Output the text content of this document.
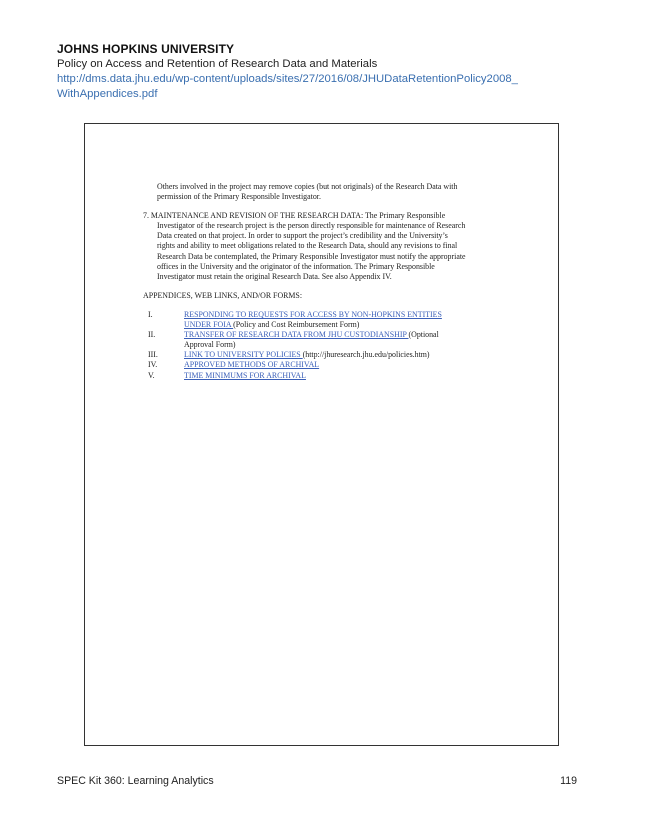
JOHNS HOPKINS UNIVERSITY
Policy on Access and Retention of Research Data and Materials
http://dms.data.jhu.edu/wp-content/uploads/sites/27/2016/08/JHUDataRetentionPolicy2008_
WithAppendices.pdf

Others involved in the project may remove copies (but not originals) of the Research Data with

permission of the Primary Responsible Investigator.

7. MAINTENANCE AND REVISION OF THE RESEARCH DATA: The Primary Responsible

Investigator of the research project is the person directly responsible for maintenance of Research

Data created on that project. In order to support the project’s credibility and the University’s

rights and ability to meet obligations related to the Research Data, should any revisions to final

Research Data be contemplated, the Primary Responsible Investigator must notify the appropriate

offices in the University and the originator of the information. The Primary Responsible

Investigator must retain the original Research Data. See also Appendix IV.

APPENDICES, WEB LINKS, AND/OR FORMS:

I.	RESPONDING TO REQUESTS FOR ACCESS BY NON-HOPKINS ENTITIES
UNDER FOIA (Policy and Cost Reimbursement Form)
II.	TRANSFER OF RESEARCH DATA FROM JHU CUSTODIANSHIP (Optional
Approval Form)
III.	LINK TO UNIVERSITY POLICIES (http://jhuresearch.jhu.edu/policies.htm)
IV.	APPROVED METHODS OF ARCHIVAL
V.	TIME MINIMUMS FOR ARCHIVAL
SPEC Kit 360: Learning Analytics	119
